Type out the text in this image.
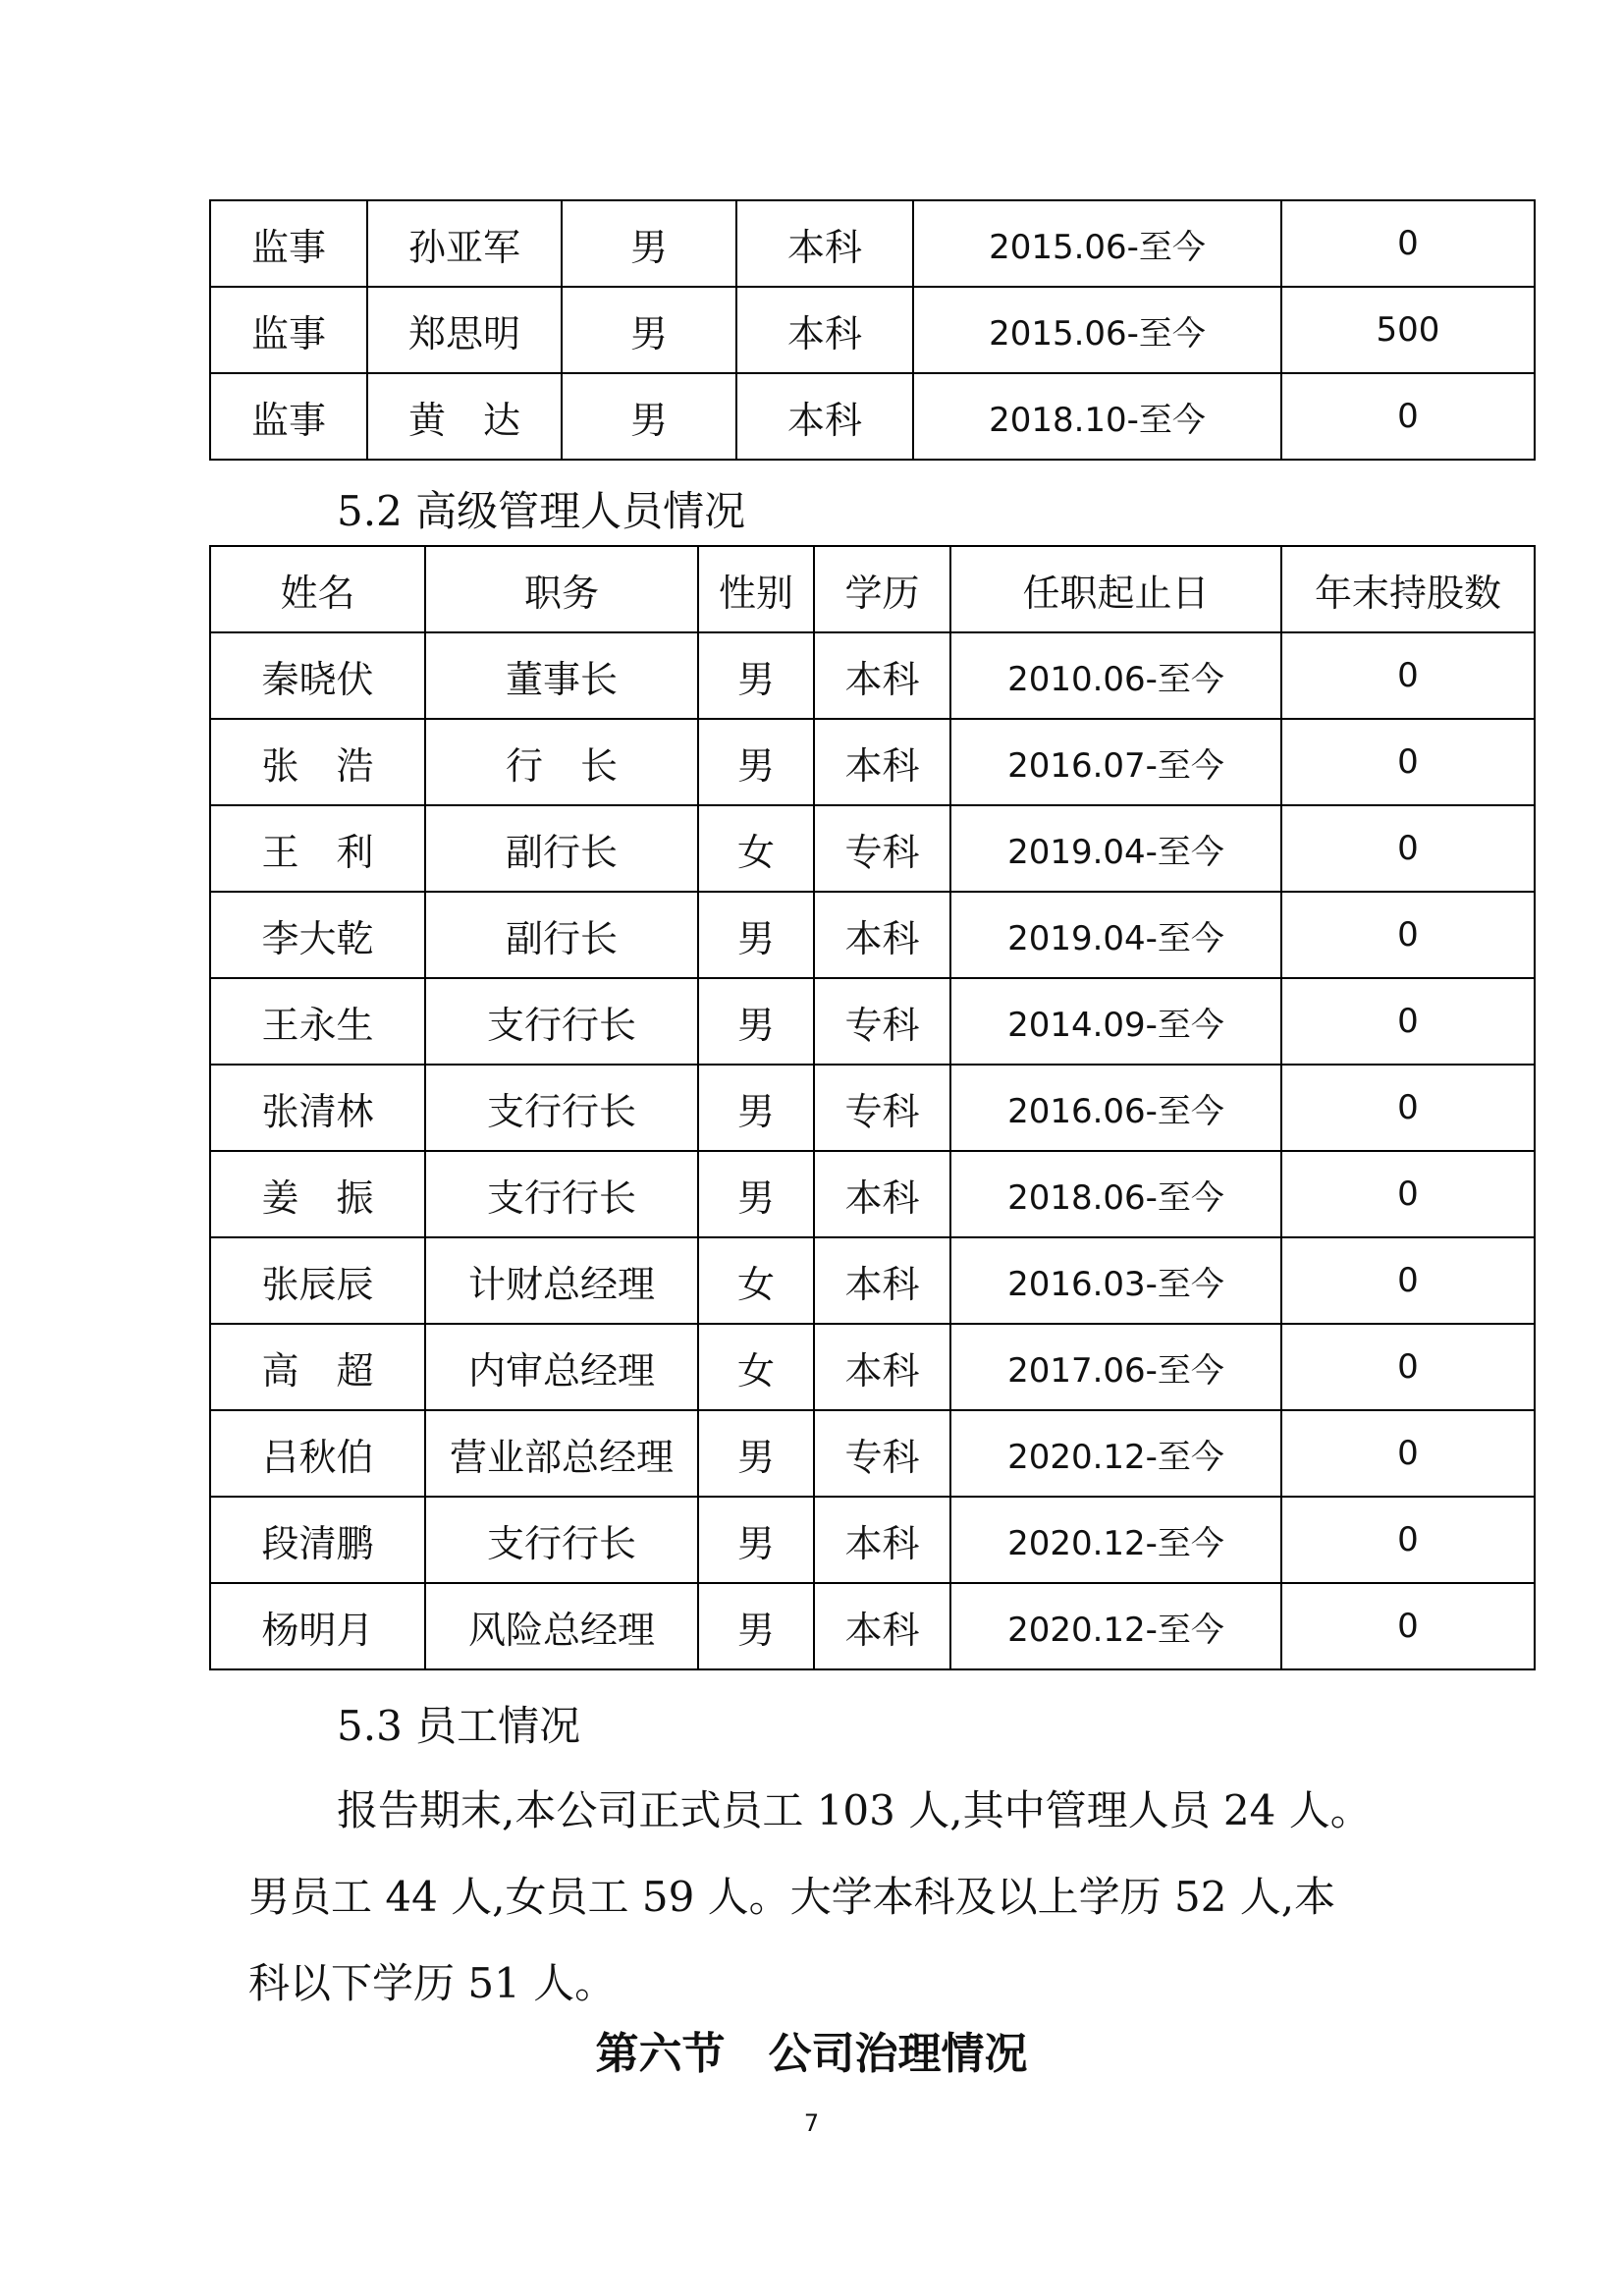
监事	孙亚军	男	本科	2015.06-至今	0
监事	郑思明	男	本科	2015.06-至今	500
监事	黄　达	男	本科	2018.10-至今	0

5.2 高级管理人员情况

姓名	职务	性别	学历	任职起止日	年末持股数
秦晓伏	董事长	男	本科	2010.06-至今	0
张　浩	行　长	男	本科	2016.07-至今	0
王　利	副行长	女	专科	2019.04-至今	0
李大乾	副行长	男	本科	2019.04-至今	0
王永生	支行行长	男	专科	2014.09-至今	0
张清林	支行行长	男	专科	2016.06-至今	0
姜　振	支行行长	男	本科	2018.06-至今	0
张辰辰	计财总经理	女	本科	2016.03-至今	0
高　超	内审总经理	女	本科	2017.06-至今	0
吕秋伯	营业部总经理	男	专科	2020.12-至今	0
段清鹏	支行行长	男	本科	2020.12-至今	0
杨明月	风险总经理	男	本科	2020.12-至今	0

5.3 员工情况

报告期末,本公司正式员工 103 人,其中管理人员 24 人。
男员工 44 人,女员工 59 人。大学本科及以上学历 52 人,本
科以下学历 51 人。

第六节　公司治理情况

7
